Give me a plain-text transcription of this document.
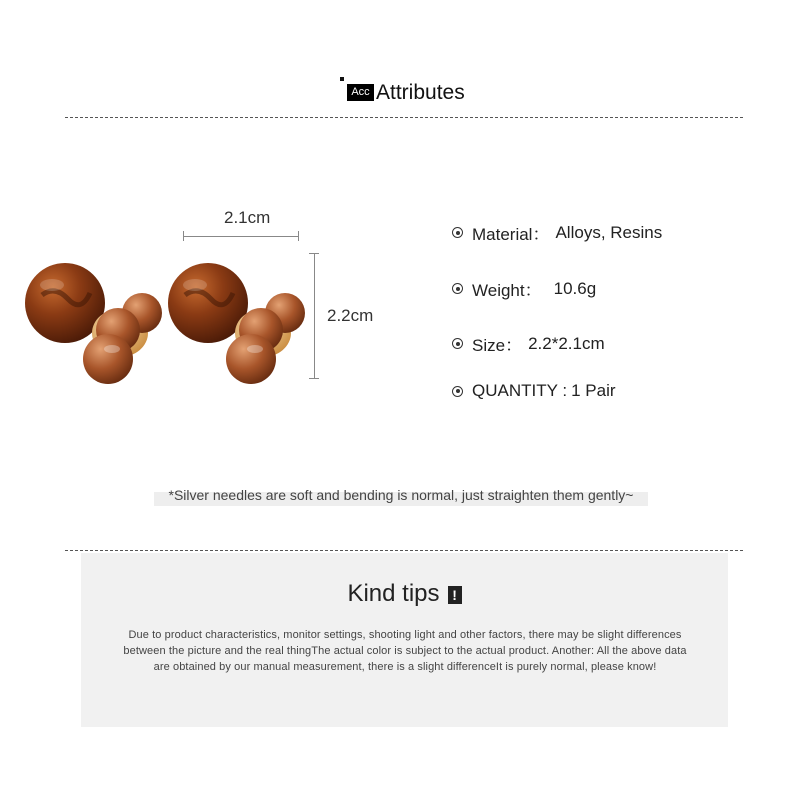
Acc Attributes
2.1cm
2.2cm
Material： Alloys, Resins
Weight： 10.6g
Size： 2.2*2.1cm
QUANTITY : 1 Pair
*Silver needles are soft and bending is normal, just straighten them gently~
Kind tips !
Due to product characteristics, monitor settings, shooting light and other factors, there may be slight differences between the picture and the real thingThe actual color is subject to the actual product. Another: All the above data are obtained by our manual measurement, there is a slight differenceIt is purely normal, please know!
